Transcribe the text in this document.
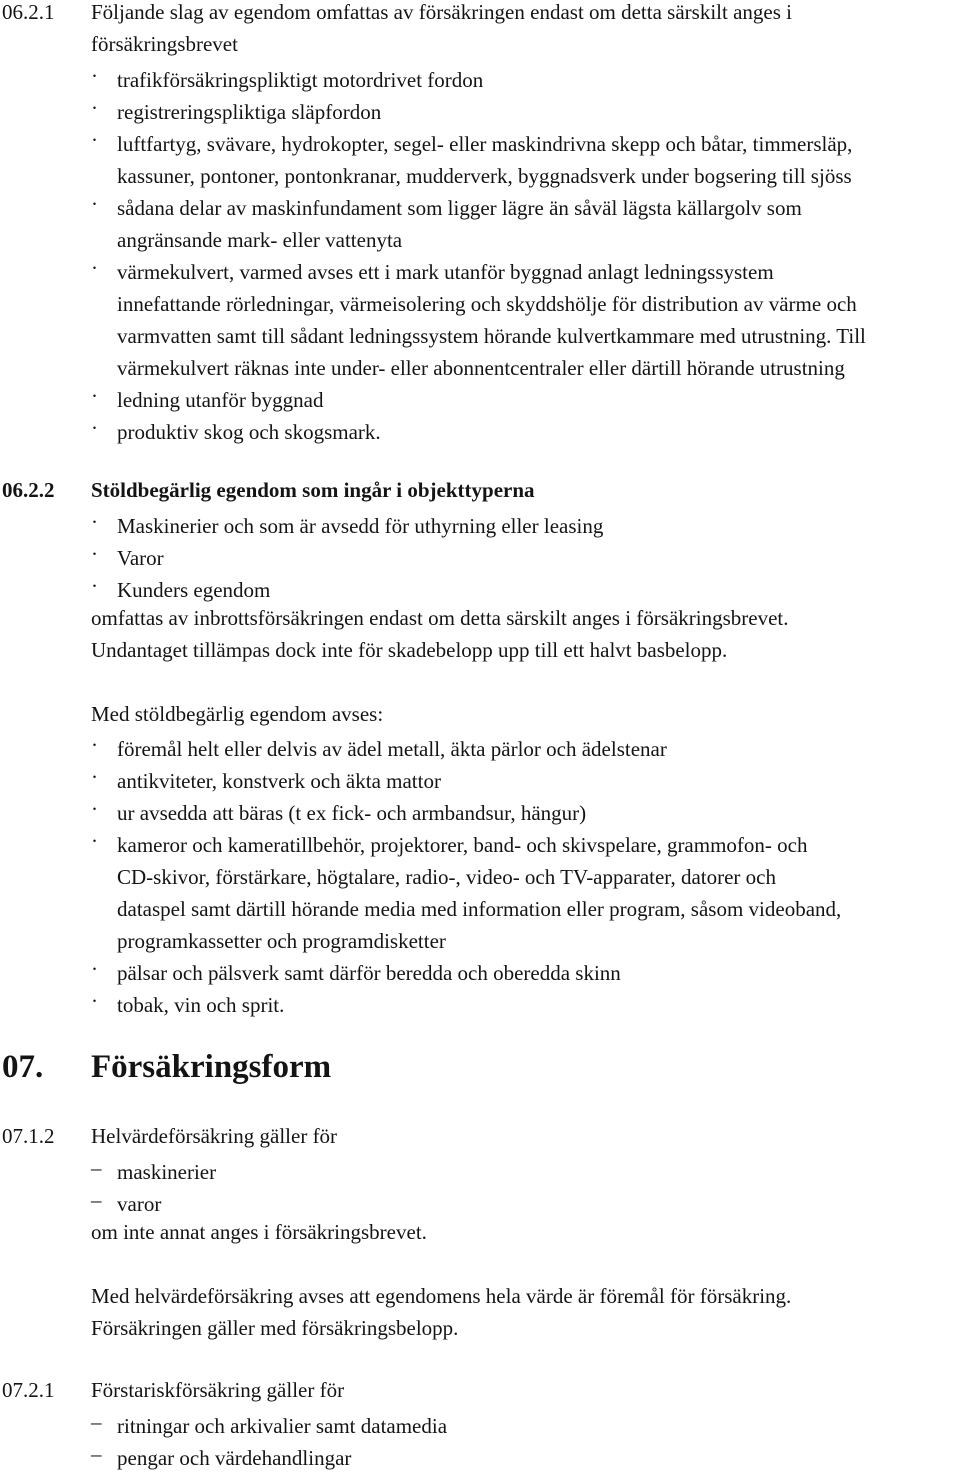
06.2.1 Följande slag av egendom omfattas av försäkringen endast om detta särskilt anges i
försäkringsbrevet
· trafikförsäkringspliktigt motordrivet fordon
· registreringspliktiga släpfordon
· luftfartyg, svävare, hydrokopter, segel- eller maskindrivna skepp och båtar, timmersläp,
kassuner, pontoner, pontonkranar, mudderverk, byggnadsverk under bogsering till sjöss
· sådana delar av maskinfundament som ligger lägre än såväl lägsta källargolv som
angränsande mark- eller vattenyta
· värmekulvert, varmed avses ett i mark utanför byggnad anlagt ledningssystem
innefattande rörledningar, värmeisolering och skyddshölje för distribution av värme och
varmvatten samt till sådant ledningssystem hörande kulvertkammare med utrustning. Till
värmekulvert räknas inte under- eller abonnentcentraler eller därtill hörande utrustning
· ledning utanför byggnad
· produktiv skog och skogsmark.
06.2.2 Stöldbegärlig egendom som ingår i objekttyperna
· Maskinerier och som är avsedd för uthyrning eller leasing
· Varor
· Kunders egendom
omfattas av inbrottsförsäkringen endast om detta särskilt anges i försäkringsbrevet.
Undantaget tillämpas dock inte för skadebelopp upp till ett halvt basbelopp.
Med stöldbegärlig egendom avses:
· föremål helt eller delvis av ädel metall, äkta pärlor och ädelstenar
· antikviteter, konstverk och äkta mattor
· ur avsedda att bäras (t ex fick- och armbandsur, hängur)
· kameror och kameratillbehör, projektorer, band- och skivspelare, grammofon- och
CD-skivor, förstärkare, högtalare, radio-, video- och TV-apparater, datorer och
dataspel samt därtill hörande media med information eller program, såsom videoband,
programkassetter och programdisketter
· pälsar och pälsverk samt därför beredda och oberedda skinn
· tobak, vin och sprit.
07. Försäkringsform
07.1.2 Helvärdeförsäkring gäller för
– maskinerier
– varor
om inte annat anges i försäkringsbrevet.
Med helvärdeförsäkring avses att egendomens hela värde är föremål för försäkring.
Försäkringen gäller med försäkringsbelopp.
07.2.1 Förstariskförsäkring gäller för
– ritningar och arkivalier samt datamedia
– pengar och värdehandlingar
